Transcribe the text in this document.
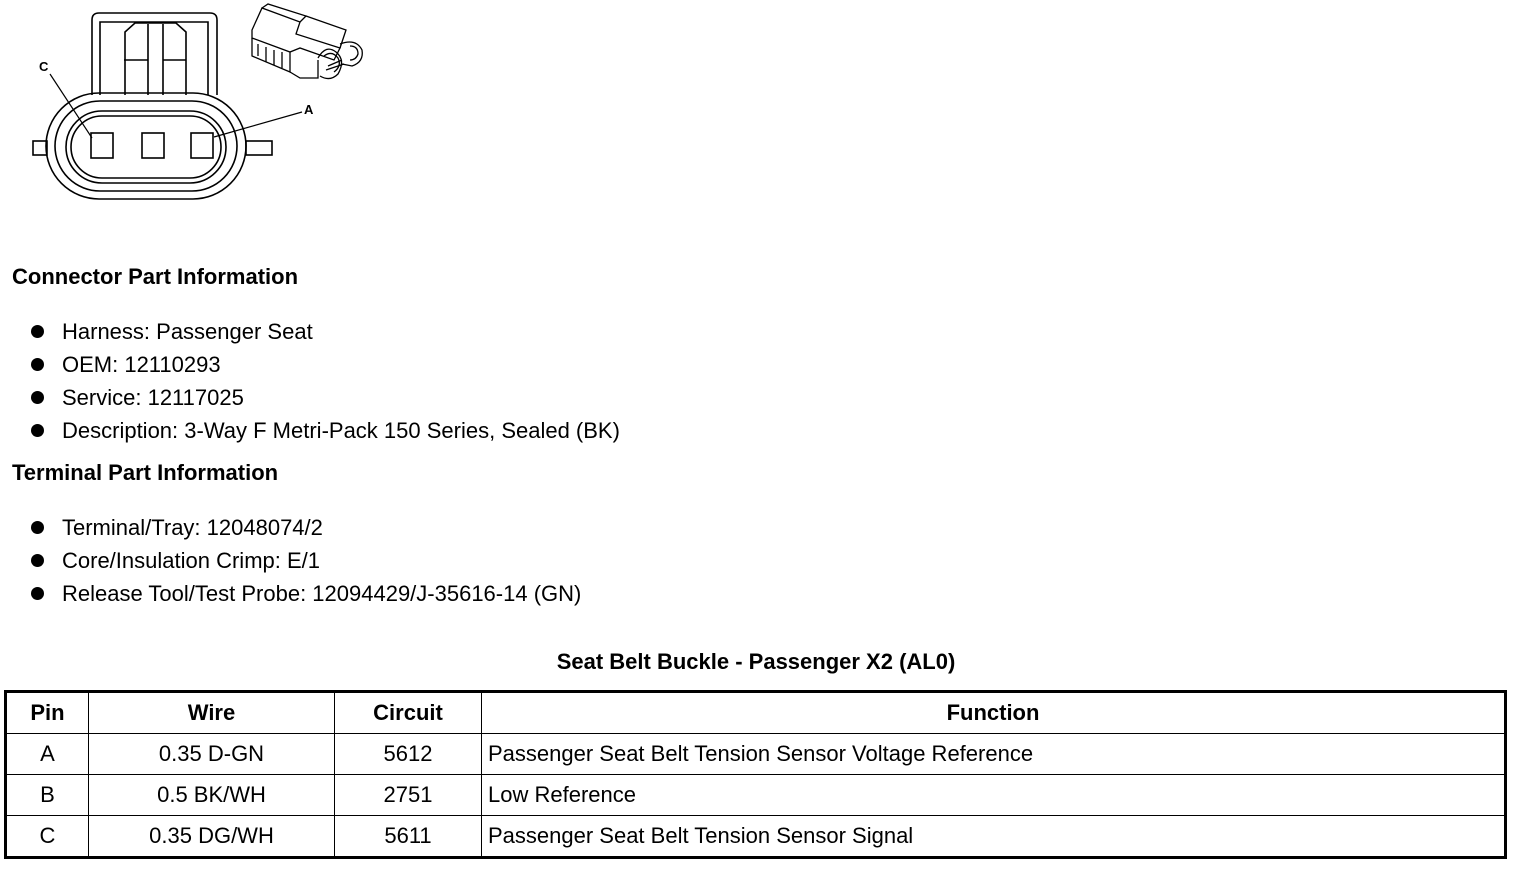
C
A
Connector Part Information
Harness: Passenger Seat
OEM: 12110293
Service: 12117025
Description: 3-Way F Metri-Pack 150 Series, Sealed (BK)
Terminal Part Information
Terminal/Tray: 12048074/2
Core/Insulation Crimp: E/1
Release Tool/Test Probe: 12094429/J-35616-14 (GN)
Seat Belt Buckle - Passenger X2 (AL0)
Pin	Wire	Circuit	Function
A	0.35 D-GN	5612	Passenger Seat Belt Tension Sensor Voltage Reference
B	0.5 BK/WH	2751	Low Reference
C	0.35 DG/WH	5611	Passenger Seat Belt Tension Sensor Signal
